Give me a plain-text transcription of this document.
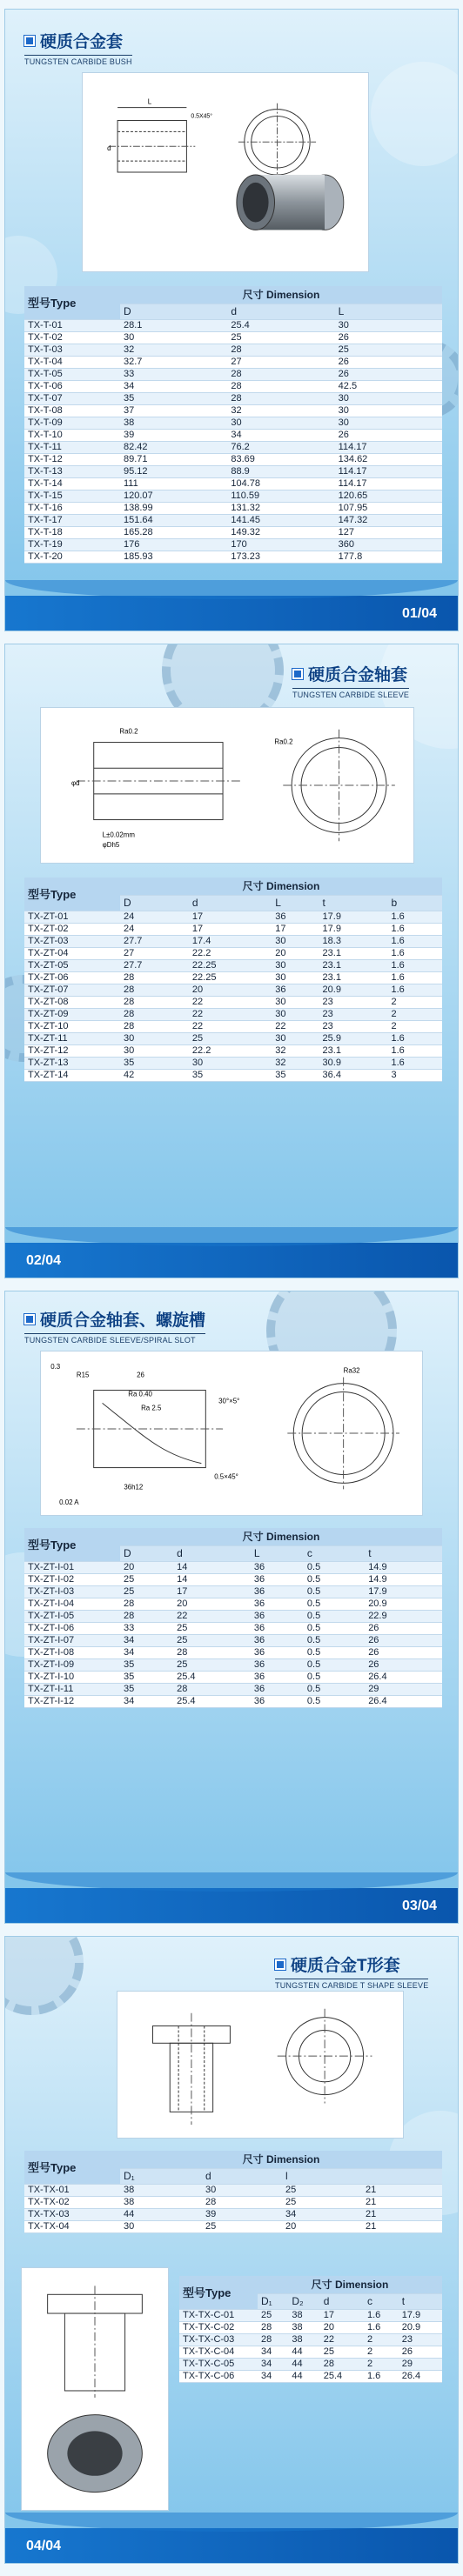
硬质合金套
TUNGSTEN CARBIDE BUSH
L
0.5X45°
d
型号Type	尺寸 Dimension		
	D	d	L
TX-T-01	28.1	25.4	30
TX-T-02	30	25	26
TX-T-03	32	28	25
TX-T-04	32.7	27	26
TX-T-05	33	28	26
TX-T-06	34	28	42.5
TX-T-07	35	28	30
TX-T-08	37	32	30
TX-T-09	38	30	30
TX-T-10	39	34	26
TX-T-11	82.42	76.2	114.17
TX-T-12	89.71	83.69	134.62
TX-T-13	95.12	88.9	114.17
TX-T-14	111	104.78	114.17
TX-T-15	120.07	110.59	120.65
TX-T-16	138.99	131.32	107.95
TX-T-17	151.64	141.45	147.32
TX-T-18	165.28	149.32	127
TX-T-19	176	170	360
TX-T-20	185.93	173.23	177.8
01/04
硬质合金轴套
TUNGSTEN CARBIDE SLEEVE
Ra0.2
L±0.02mm
φDh5
φd
Ra0.2
型号Type	尺寸 Dimension				
	D	d	L	t	b
TX-ZT-01	24	17	36	17.9	1.6
TX-ZT-02	24	17	17	17.9	1.6
TX-ZT-03	27.7	17.4	30	18.3	1.6
TX-ZT-04	27	22.2	20	23.1	1.6
TX-ZT-05	27.7	22.25	30	23.1	1.6
TX-ZT-06	28	22.25	30	23.1	1.6
TX-ZT-07	28	20	36	20.9	1.6
TX-ZT-08	28	22	30	23	2
TX-ZT-09	28	22	30	23	2
TX-ZT-10	28	22	22	23	2
TX-ZT-11	30	25	30	25.9	1.6
TX-ZT-12	30	22.2	32	23.1	1.6
TX-ZT-13	35	30	32	30.9	1.6
TX-ZT-14	42	35	35	36.4	3
02/04
硬质合金轴套、螺旋槽
TUNGSTEN CARBIDE SLEEVE/SPIRAL SLOT
0.3
R15	26
Ra 0.40
Ra 2.5
30°×5°
0.5×45°
36h12
0.02 A
Ra32
型号Type	尺寸 Dimension				
	D	d	L	c	t
TX-ZT-I-01	20	14	36	0.5	14.9
TX-ZT-I-02	25	14	36	0.5	14.9
TX-ZT-I-03	25	17	36	0.5	17.9
TX-ZT-I-04	28	20	36	0.5	20.9
TX-ZT-I-05	28	22	36	0.5	22.9
TX-ZT-I-06	33	25	36	0.5	26
TX-ZT-I-07	34	25	36	0.5	26
TX-ZT-I-08	34	28	36	0.5	26
TX-ZT-I-09	35	25	36	0.5	26
TX-ZT-I-10	35	25.4	36	0.5	26.4
TX-ZT-I-11	35	28	36	0.5	29
TX-ZT-I-12	34	25.4	36	0.5	26.4
03/04
硬质合金T形套
TUNGSTEN CARBIDE T SHAPE SLEEVE
型号Type	尺寸 Dimension			
	D₁	d	l	
TX-TX-01	38	30	25	21
TX-TX-02	38	28	25	21
TX-TX-03	44	39	34	21
TX-TX-04	30	25	20	21
型号Type	尺寸 Dimension				
	D₁	D₂	d	c	t
TX-TX-C-01	25	38	17	1.6	17.9
TX-TX-C-02	28	38	20	1.6	20.9
TX-TX-C-03	28	38	22	2	23
TX-TX-C-04	34	44	25	2	26
TX-TX-C-05	34	44	28	2	29
TX-TX-C-06	34	44	25.4	1.6	26.4
04/04
